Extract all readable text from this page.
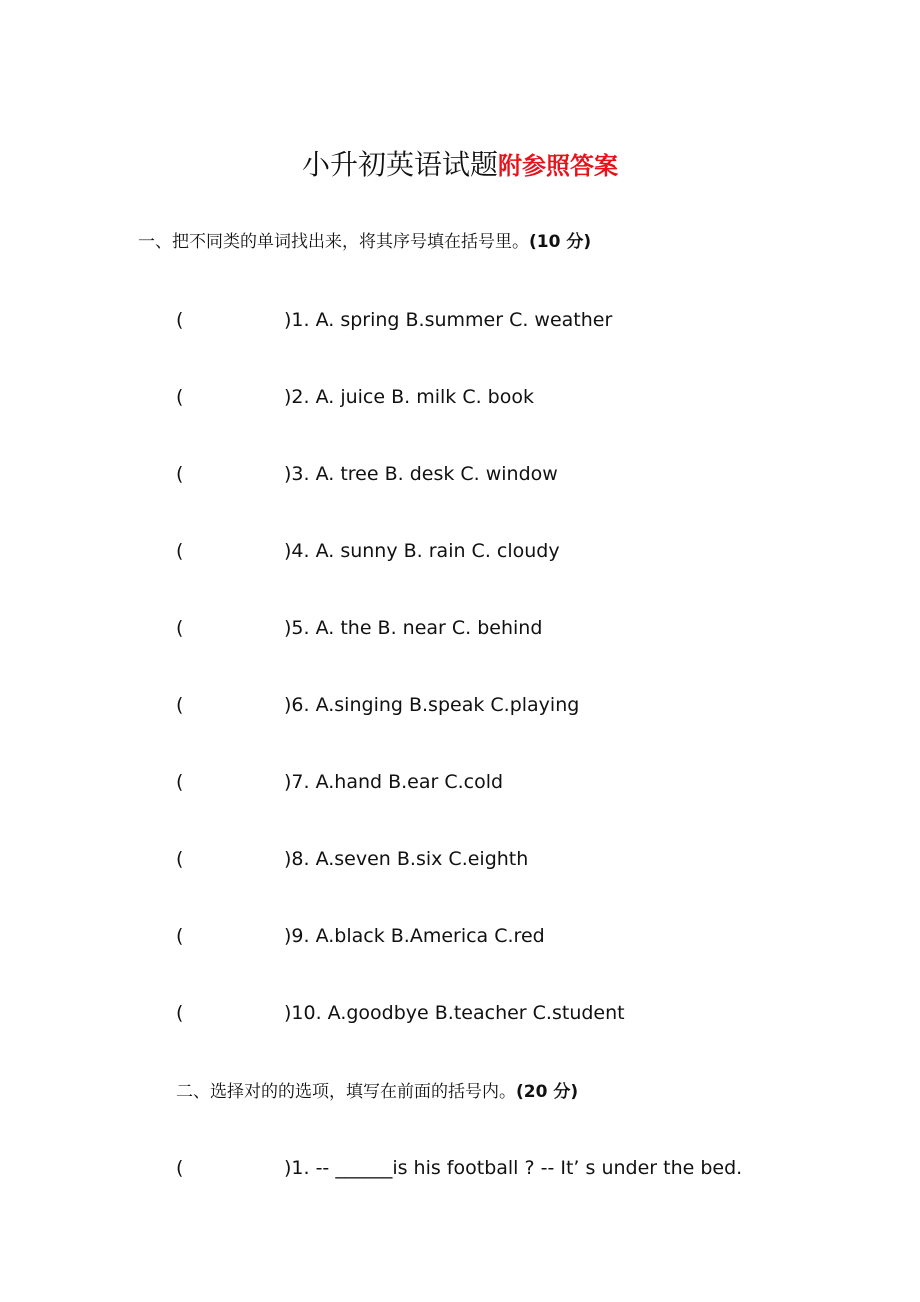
小升初英语试题附参照答案
一、把不同类的单词找出来，将其序号填在括号里。(10 分)
(	)1. A. spring B.summer C. weather
(	)2. A. juice B. milk C. book
(	)3. A. tree B. desk C. window
(	)4. A. sunny B. rain C. cloudy
(	)5. A. the B. near C. behind
(	)6. A.singing B.speak C.playing
(	)7. A.hand B.ear C.cold
(	)8. A.seven B.six C.eighth
(	)9. A.black B.America C.red
(	)10. A.goodbye B.teacher C.student
二、选择对的的选项，填写在前面的括号内。(20 分)
(	)1. -- ______is his football ? -- It’ s under the bed.
